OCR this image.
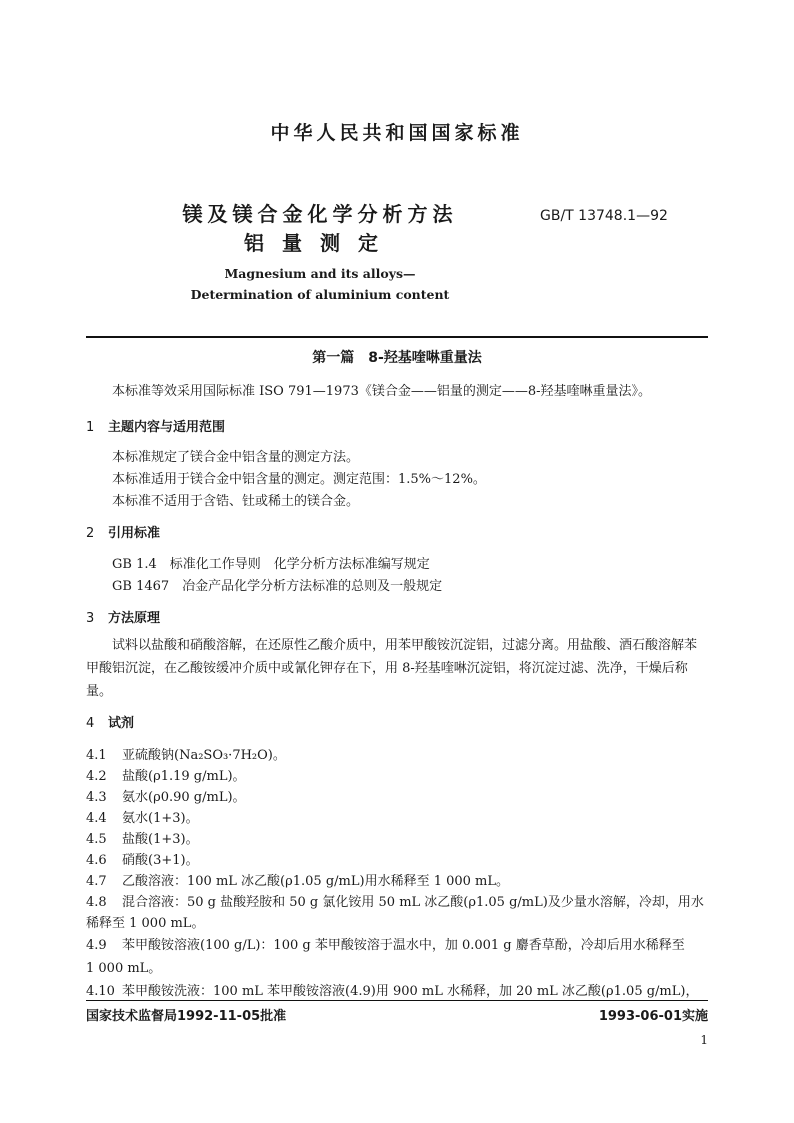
中华人民共和国国家标准
镁及镁合金化学分析方法
铝量测定
GB/T 13748.1—92
Magnesium and its alloys—
Determination of aluminium content
第一篇　8-羟基喹啉重量法
本标准等效采用国际标准 ISO 791—1973《镁合金——铝量的测定——8-羟基喹啉重量法》。
1 主题内容与适用范围
本标准规定了镁合金中铝含量的测定方法。
本标准适用于镁合金中铝含量的测定。测定范围：1.5%～12%。
本标准不适用于含锆、钍或稀土的镁合金。
2 引用标准
GB 1.4　标准化工作导则　化学分析方法标准编写规定
GB 1467　冶金产品化学分析方法标准的总则及一般规定
3 方法原理
试料以盐酸和硝酸溶解，在还原性乙酸介质中，用苯甲酸铵沉淀铝，过滤分离。用盐酸、酒石酸溶解苯甲酸铝沉淀，在乙酸铵缓冲介质中或氰化钾存在下，用 8-羟基喹啉沉淀铝，将沉淀过滤、洗净，干燥后称量。
4 试剂
4.1 亚硫酸钠(Na₂SO₃·7H₂O)。
4.2 盐酸(ρ1.19 g/mL)。
4.3 氨水(ρ0.90 g/mL)。
4.4 氨水(1+3)。
4.5 盐酸(1+3)。
4.6 硝酸(3+1)。
4.7 乙酸溶液：100 mL 冰乙酸(ρ1.05 g/mL)用水稀释至 1 000 mL。
4.8 混合溶液：50 g 盐酸羟胺和 50 g 氯化铵用 50 mL 冰乙酸(ρ1.05 g/mL)及少量水溶解，冷却，用水
稀释至 1 000 mL。
4.9 苯甲酸铵溶液(100 g/L)：100 g 苯甲酸铵溶于温水中，加 0.001 g 麝香草酚，冷却后用水稀释至
1 000 mL。
4.10 苯甲酸铵洗液：100 mL 苯甲酸铵溶液(4.9)用 900 mL 水稀释，加 20 mL 冰乙酸(ρ1.05 g/mL)，
国家技术监督局1992-11-05批准	1993-06-01实施
1
